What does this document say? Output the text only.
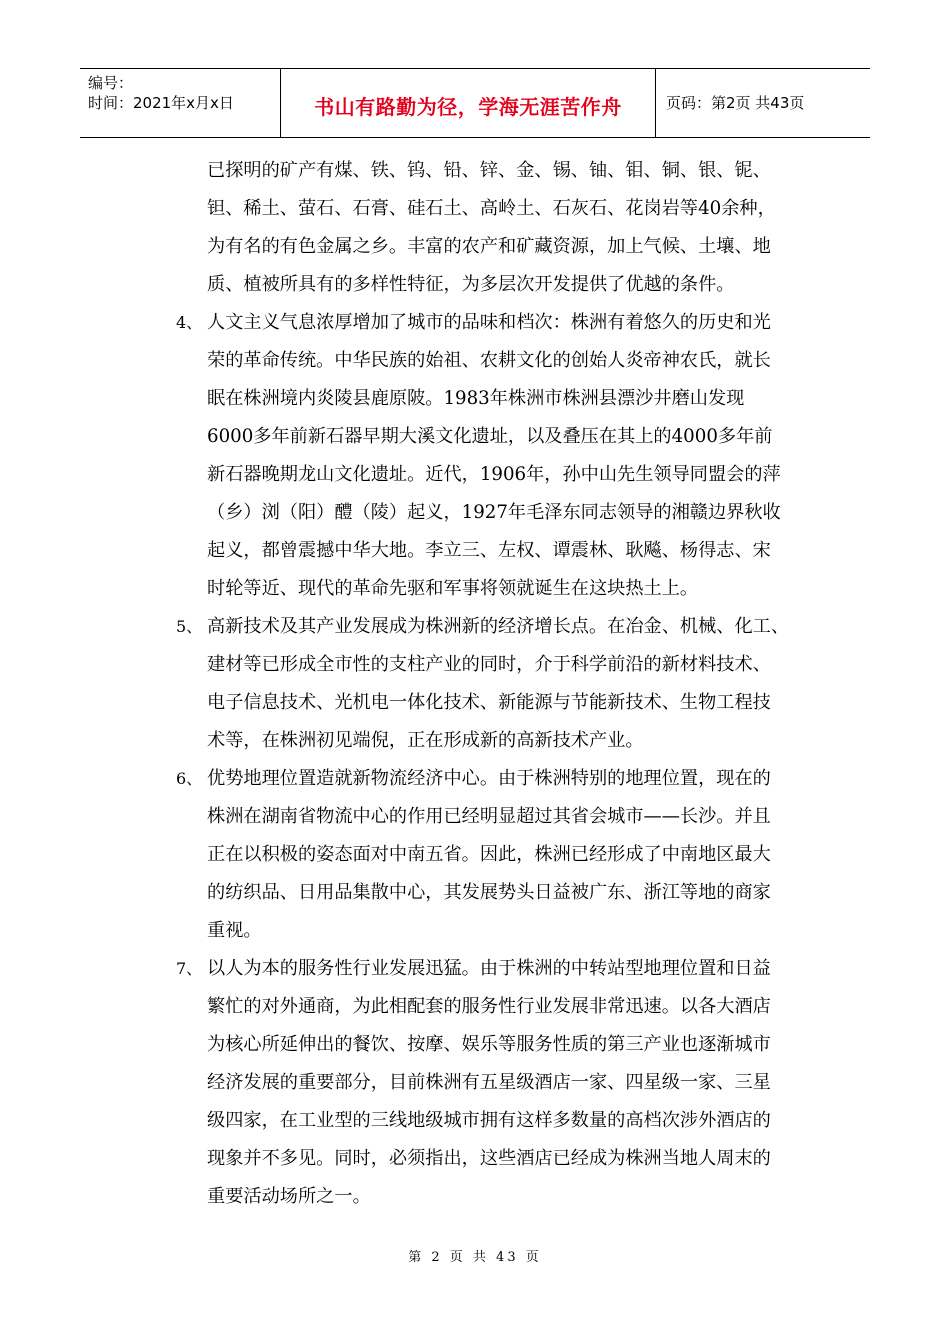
编号：
时间：2021年x月x日	书山有路勤为径，学海无涯苦作舟	页码：第2页 共43页
已探明的矿产有煤、铁、钨、铅、锌、金、锡、铀、钼、铜、银、铌、
钽、稀土、萤石、石膏、硅石土、高岭土、石灰石、花岗岩等40余种，
为有名的有色金属之乡。丰富的农产和矿藏资源，加上气候、土壤、地
质、植被所具有的多样性特征，为多层次开发提供了优越的条件。
4、 人文主义气息浓厚增加了城市的品味和档次：株洲有着悠久的历史和光
荣的革命传统。中华民族的始祖、农耕文化的创始人炎帝神农氏，就长
眠在株洲境内炎陵县鹿原陂。1983年株洲市株洲县漂沙井磨山发现
6000多年前新石器早期大溪文化遗址，以及叠压在其上的4000多年前
新石器晚期龙山文化遗址。近代，1906年，孙中山先生领导同盟会的萍
（乡）浏（阳）醴（陵）起义，1927年毛泽东同志领导的湘赣边界秋收
起义，都曾震撼中华大地。李立三、左权、谭震林、耿飚、杨得志、宋
时轮等近、现代的革命先驱和军事将领就诞生在这块热土上。
5、 高新技术及其产业发展成为株洲新的经济增长点。在冶金、机械、化工、
建材等已形成全市性的支柱产业的同时，介于科学前沿的新材料技术、
电子信息技术、光机电一体化技术、新能源与节能新技术、生物工程技
术等，在株洲初见端倪，正在形成新的高新技术产业。
6、 优势地理位置造就新物流经济中心。由于株洲特别的地理位置，现在的
株洲在湖南省物流中心的作用已经明显超过其省会城市——长沙。并且
正在以积极的姿态面对中南五省。因此，株洲已经形成了中南地区最大
的纺织品、日用品集散中心，其发展势头日益被广东、浙江等地的商家
重视。
7、 以人为本的服务性行业发展迅猛。由于株洲的中转站型地理位置和日益
繁忙的对外通商，为此相配套的服务性行业发展非常迅速。以各大酒店
为核心所延伸出的餐饮、按摩、娱乐等服务性质的第三产业也逐渐城市
经济发展的重要部分，目前株洲有五星级酒店一家、四星级一家、三星
级四家，在工业型的三线地级城市拥有这样多数量的高档次涉外酒店的
现象并不多见。同时，必须指出，这些酒店已经成为株洲当地人周末的
重要活动场所之一。
第 2 页 共 43 页
